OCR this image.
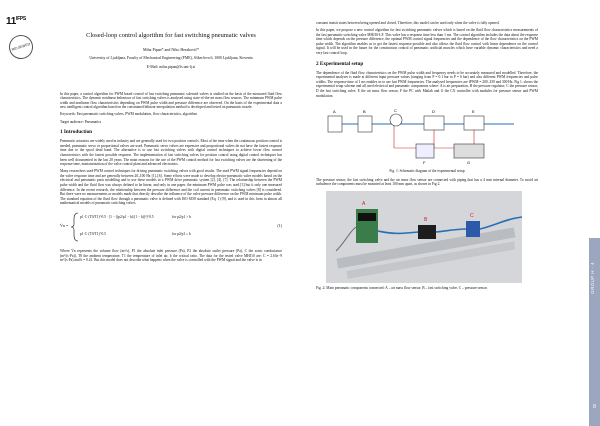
$11^{IFPS}$
REVIEWED
Closed-loop control algorithm for fast switching pneumatic valves
Miha Pipan* and Niko Herakovič*
University of Ljubljana, Faculty of Mechanical Engineering (FME), Aškerčeva 6, 1000 Ljubljana, Slovenia
E-Mail: miha.pipan@fs.uni-lj.si

In this paper, a control algorithm for PWM based control of fast switching pneumatic solenoid valves is studied on the basis of the measured fluid flow characteristics. The dynamic nonlinear behaviour of fast switching valves is analysed using state-of-the-art mass flow sensors. The minimum PWM pulse width and nonlinear flow characteristics depending on PWM pulse width and pressure difference are observed. On the basis of the experimental data a new intelligent control algorithm based on the constrained bilinear interpolation method is developed and tested on pneumatic nozzle.

Keywords: Fast pneumatic switching valves, PWM modulation, flow characteristics, algorithm

Target audience: Pneumatics

1 Introduction

Pneumatic actuators are widely used in industry and are generally used for two position controls. Most of the time when the continuous position control is needed, pneumatic servo or proportional valves are used. Pneumatic servo valves are expensive and proportional valves do not have the fastest response time due to the spool dead band. The alternative is to use fast switching valves with digital control techniques to achieve lower flow control characteristics with the fastest possible response. The implementation of fast switching valves for position control using digital control techniques has been well documented in the last 20 years. The main reasons for the use of the PWM control method for fast switching valves are the shortening of the response time, miniaturization of the valve control plant and advanced electronics.

Many researchers used PWM control techniques for driving pneumatic switching valves with good results. The used PWM signal frequencies depend on the valve response time and are generally between 20–100 Hz [1]–[6]. Some efforts were made to develop electro-pneumatic valve models based on the electrical and pneumatic parts modelling and to use these models in a PWM drive pneumatic system [2], [4], [7]. The relationship between the PWM pulse width and the fluid flow was always defined to be linear, and only in one paper, the minimum PWM pulse was used [3] but it only one measured difference. In the recent research, the relationship between the pressure difference and the coil current in pneumatic switching valves [8] is considered. But there were no measurements or models made that directly describe the influence of the valve pressure difference on the PWM minimum pulse width. The standard equation of the fluid flow through a pneumatic valve is defined with ISO 6358 standard (Eq. 1) [9], and is used in this form in almost all mathematical models of pneumatic switching valves.

V̇n =
p1·C·(T0/T1)^0.5 · [1 − ((p2/p1 − b)/(1 − b))²]^0.5	for p2/p1 > b
p1·C·(T0/T1)^0.5	for p2/p1 ≤ b
(1)

Where V̇n represents the volume flow (m³/s), P1 the absolute inlet pressure (Pa), P2 the absolute outlet pressure (Pa), C the sonic conductance (m³/(s·Pa)), T0 the ambient temperature, T1 the temperature of inlet air, b the critical ratio. The data for the tested valve MHJ10 are: C = 2.63e−9 m³/(s·Pa) and b = 0.41. But this model does not describe what happens when the valve is controlled with the PWM signal and the valve is in

constant transit states between being opened and closed. Therefore, this model can be used only when the valve is fully opened.

In this paper, we propose a new control algorithm for fast switching pneumatic valves which is based on the fluid flow characteristics measurements of the fast pneumatic switching valve MHJ10-LF. This valve has a response time less than 1 ms. The control algorithm includes the data about the response time which depends on the pressure difference, the optimal PWM control signal frequencies and the dependence of the flow characteristics on the PWM pulse width. The algorithm enables us to get the fastest response possible and also allows the fluid flow control with linear dependence on the control signal. It will be used in the future for the construction control of pneumatic artificial muscles which have variable dynamic characteristics and need a very fast control loop.

2 Experimental setup

The dependence of the fluid flow characteristics on the PWM pulse width and frequency needs to be accurately measured and modelled. Therefore, the experimental analyses is made at different input pressure values (ranging from P = 0.1 bar to P = 6 bar) and also different PWM frequencies and pulse widths. The response time of 1 ms enables us to use fast PWM frequencies. The analysed frequencies are fPWM = 200, 250 and 300 Hz. Fig 1. shows the experimental setup scheme and all used electrical and pneumatic components where: A is air preparation, B the pressure regulator, C the pressure sensor, D the fast switching valve, E the air mass flow sensor, F the PC with Matlab and G the CX controller with modules for pressure sensor and PWM modulation.

A	B	C	D	E
F	G
Fig. 1: Schematic diagram of the experimental setup

The pressure sensor, the fast switching valve and the air mass flow sensor are connected with piping that has a 4 mm internal diameter. To avoid air turbulence the components must be mounted at least 100 mm apart, as shown in Fig 2.

A
B
C
Fig. 2: Main pneumatic components connected: A – air mass flow sensor, B – fast switching valve, C – pressure sensor.	GROUP H - 4
8
